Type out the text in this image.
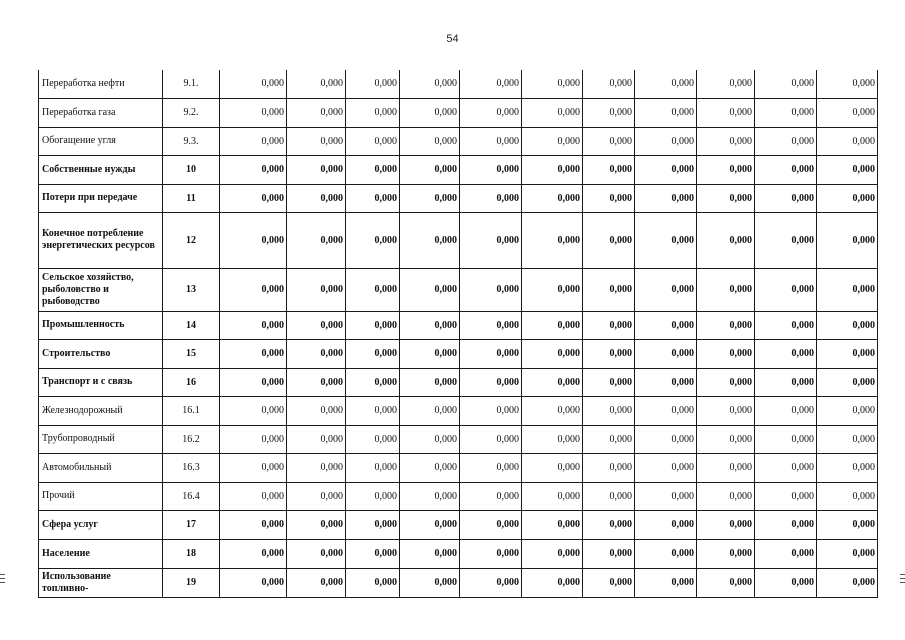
54
Переработка нефти	9.1.	0,000	0,000	0,000	0,000	0,000	0,000	0,000	0,000	0,000	0,000	0,000
Переработка газа	9.2.	0,000	0,000	0,000	0,000	0,000	0,000	0,000	0,000	0,000	0,000	0,000
Обогащение угля	9.3.	0,000	0,000	0,000	0,000	0,000	0,000	0,000	0,000	0,000	0,000	0,000
Собственные нужды	10	0,000	0,000	0,000	0,000	0,000	0,000	0,000	0,000	0,000	0,000	0,000
Потери при передаче	11	0,000	0,000	0,000	0,000	0,000	0,000	0,000	0,000	0,000	0,000	0,000
Конечное потребление энергетических ресурсов	12	0,000	0,000	0,000	0,000	0,000	0,000	0,000	0,000	0,000	0,000	0,000
Сельское хозяйство, рыболовство и рыбоводство	13	0,000	0,000	0,000	0,000	0,000	0,000	0,000	0,000	0,000	0,000	0,000
Промышленность	14	0,000	0,000	0,000	0,000	0,000	0,000	0,000	0,000	0,000	0,000	0,000
Строительство	15	0,000	0,000	0,000	0,000	0,000	0,000	0,000	0,000	0,000	0,000	0,000
Транспорт и с связь	16	0,000	0,000	0,000	0,000	0,000	0,000	0,000	0,000	0,000	0,000	0,000
Железнодорожный	16.1	0,000	0,000	0,000	0,000	0,000	0,000	0,000	0,000	0,000	0,000	0,000
Трубопроводный	16.2	0,000	0,000	0,000	0,000	0,000	0,000	0,000	0,000	0,000	0,000	0,000
Автомобильный	16.3	0,000	0,000	0,000	0,000	0,000	0,000	0,000	0,000	0,000	0,000	0,000
Прочий	16.4	0,000	0,000	0,000	0,000	0,000	0,000	0,000	0,000	0,000	0,000	0,000
Сфера услуг	17	0,000	0,000	0,000	0,000	0,000	0,000	0,000	0,000	0,000	0,000	0,000
Население	18	0,000	0,000	0,000	0,000	0,000	0,000	0,000	0,000	0,000	0,000	0,000
Использование топливно-	19	0,000	0,000	0,000	0,000	0,000	0,000	0,000	0,000	0,000	0,000	0,000
